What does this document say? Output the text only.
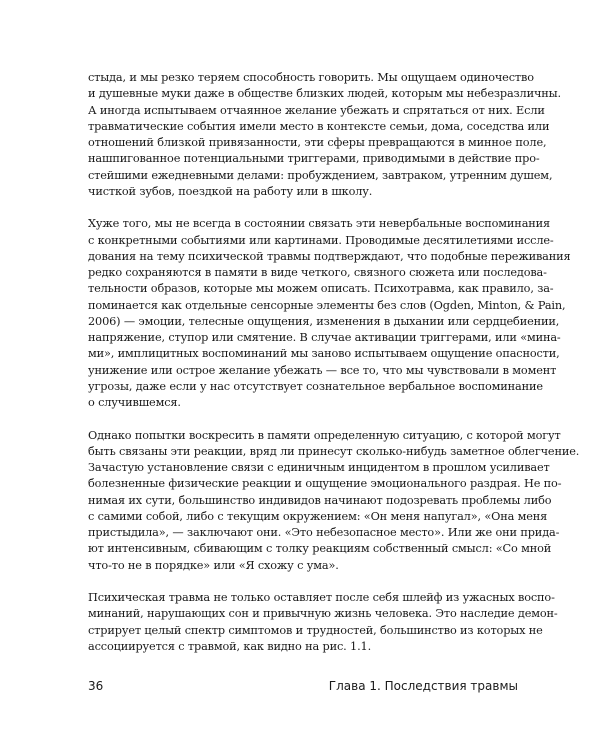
стыда, и мы резко теряем способность говорить. Мы ощущаем одиночество
и душевные муки даже в обществе близких людей, которым мы небезразличны.
А иногда испытываем отчаянное желание убежать и спрятаться от них. Если
травматические события имели место в контексте семьи, дома, соседства или
отношений близкой привязанности, эти сферы превращаются в минное поле,
нашпигованное потенциальными триггерами, приводимыми в действие про-
стейшими ежедневными делами: пробуждением, завтраком, утренним душем,
чисткой зубов, поездкой на работу или в школу.
Хуже того, мы не всегда в состоянии связать эти невербальные воспоминания
с конкретными событиями или картинами. Проводимые десятилетиями иссле-
дования на тему психической травмы подтверждают, что подобные переживания
редко сохраняются в памяти в виде четкого, связного сюжета или последова-
тельности образов, которые мы можем описать. Психотравма, как правило, за-
поминается как отдельные сенсорные элементы без слов (Ogden, Minton, & Pain,
2006) — эмоции, телесные ощущения, изменения в дыхании или сердцебиении,
напряжение, ступор или смятение. В случае активации триггерами, или «мина-
ми», имплицитных воспоминаний мы заново испытываем ощущение опасности,
унижение или острое желание убежать — все то, что мы чувствовали в момент
угрозы, даже если у нас отсутствует сознательное вербальное воспоминание
о случившемся.
Однако попытки воскресить в памяти определенную ситуацию, с которой могут
быть связаны эти реакции, вряд ли принесут сколько-нибудь заметное облегчение.
Зачастую установление связи с единичным инцидентом в прошлом усиливает
болезненные физические реакции и ощущение эмоционального раздрая. Не по-
нимая их сути, большинство индивидов начинают подозревать проблемы либо
с самими собой, либо с текущим окружением: «Он меня напугал», «Она меня
пристыдила», — заключают они. «Это небезопасное место». Или же они прида-
ют интенсивным, сбивающим с толку реакциям собственный смысл: «Со мной
что-то не в порядке» или «Я схожу с ума».
Психическая травма не только оставляет после себя шлейф из ужасных воспо-
минаний, нарушающих сон и привычную жизнь человека. Это наследие демон-
стрирует целый спектр симптомов и трудностей, большинство из которых не
ассоциируется с травмой, как видно на рис. 1.1.
36	Глава 1. Последствия травмы
